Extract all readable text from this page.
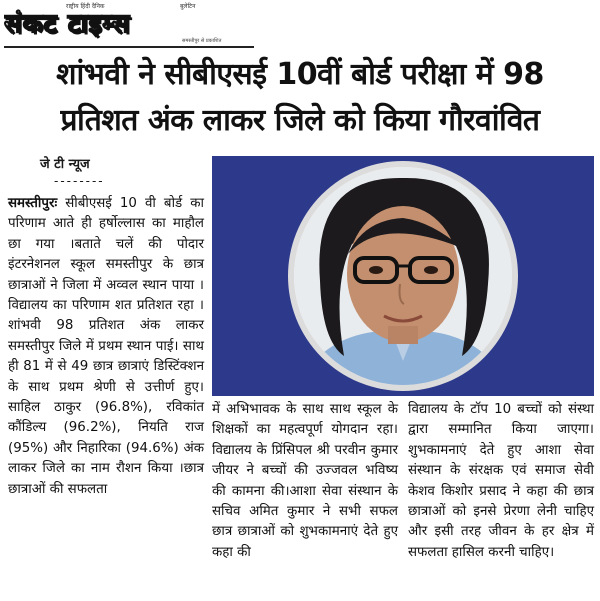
राष्ट्रीय हिंदी दैनिक	बुलेटिन
संकट टाइम्स
समस्तीपुर से प्रकाशित
शांभवी ने सीबीएसई 10वीं बोर्ड परीक्षा में 98
प्रतिशत अंक लाकर जिले को किया गौरवांवित
जे टी न्यूज
--------

समस्तीपुरः सीबीएसई 10 वी बोर्ड का परिणाम आते ही हर्षोल्लास का माहौल छा गया ।बताते चलें की पोदार इंटरनेशनल स्कूल समस्तीपुर के छात्र छात्राओं ने जिला में अव्वल स्थान पाया ।विद्यालय का परिणाम शत प्रतिशत रहा ।शांभवी 98 प्रतिशत अंक लाकर समस्तीपुर जिले में प्रथम स्थान पाई। साथ ही 81 में से 49 छात्र छात्राएं डिस्टिंक्शन के साथ प्रथम श्रेणी से उत्तीर्ण हुए। साहिल ठाकुर (96.8%), रविकांत कौंडिल्य (96.2%), नियति राज (95%) और निहारिका (94.6%) अंक लाकर जिले का नाम रौशन किया ।छात्र छात्राओं की सफलता

में अभिभावक के साथ साथ स्कूल के शिक्षकों का महत्वपूर्ण योगदान रहा।विद्यालय के प्रिंसिपल श्री परवीन कुमार जीयर ने बच्चों की उज्जवल भविष्य की कामना की।आशा सेवा संस्थान के सचिव अमित कुमार ने सभी सफल छात्र छात्राओं को शुभकामनाएं देते हुए कहा की

विद्यालय के टॉप 10 बच्चों को संस्था द्वारा सम्मानित किया जाएगा। शुभकामनाएं देते हुए आशा सेवा संस्थान के संरक्षक एवं समाज सेवी केशव किशोर प्रसाद ने कहा की छात्र छात्राओं को इनसे प्रेरणा लेनी चाहिए और इसी तरह जीवन के हर क्षेत्र में सफलता हासिल करनी चाहिए।
